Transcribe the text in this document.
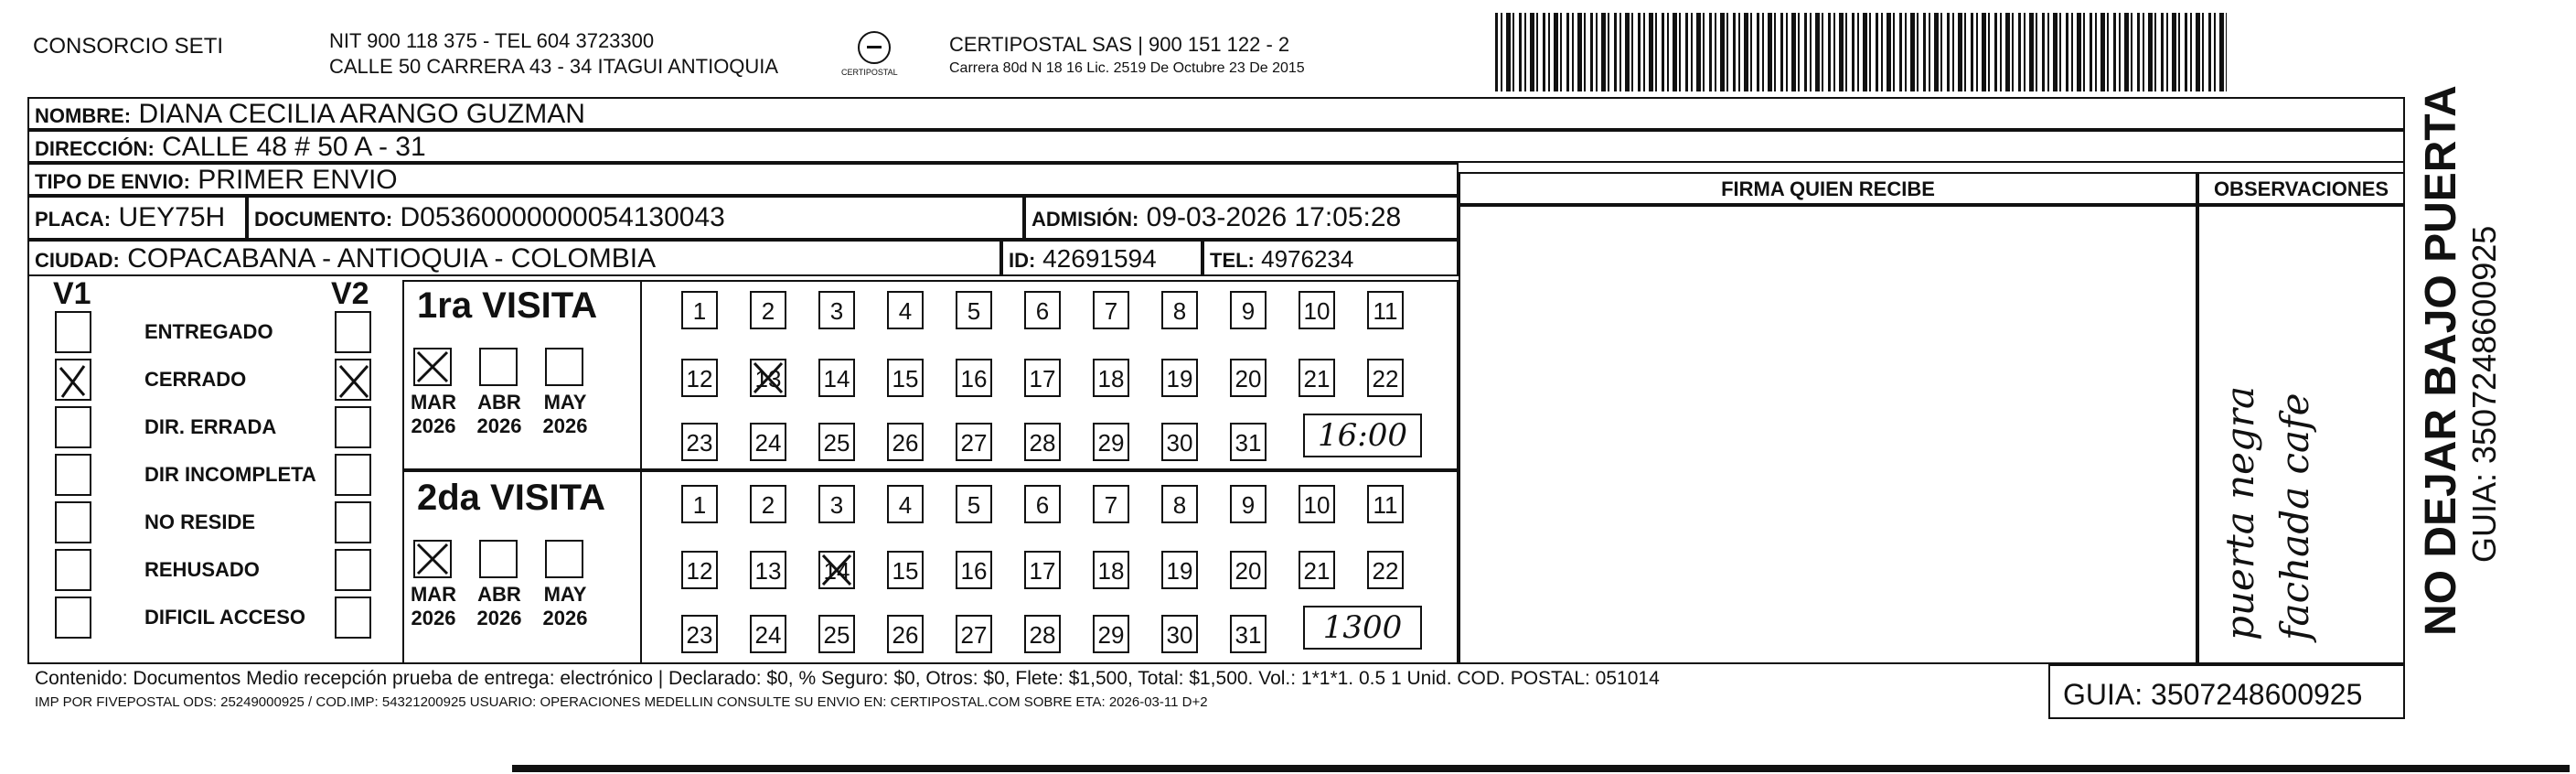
CONSORCIO SETI	NIT 900 118 375 - TEL 604 3723300
CALLE 50 CARRERA 43 - 34 ITAGUI ANTIOQUIA	CERTIPOSTAL
CERTIPOSTAL SAS | 900 151 122 - 2
Carrera 80d N 18 16 Lic. 2519 De Octubre 23 De 2015
NOMBRE: DIANA CECILIA ARANGO GUZMAN
DIRECCIÓN: CALLE 48 # 50 A - 31
TIPO DE ENVIO: PRIMER ENVIO	FIRMA QUIEN RECIBE	OBSERVACIONES
PLACA: UEY75H	DOCUMENTO: D05360000000054130043	ADMISIÓN: 09-03-2026 17:05:28
CIUDAD: COPACABANA - ANTIOQUIA - COLOMBIA	ID: 42691594	TEL: 4976234
V1	V2
ENTREGADO
CERRADO
DIR. ERRADA
DIR INCOMPLETA
NO RESIDE
REHUSADO
DIFICIL ACCESO
1ra VISITA
2da VISITA
MAR
2026
ABR
2026
MAY
2026
MAR
2026
ABR
2026
MAY
2026
1	2	3	4	5	6	7	8	9	10 11
12 13 14 15 16 17 18 19 20 21 22
23 24 25 26 27 28 29 30 31
1	2	3	4	5	6	7	8	9	10 11
12 13 14 15 16 17 18 19 20 21 22
23 24 25 26 27 28 29 30 31
16:00
1300	puerta negra fachada cafe NO DEJAR BAJO PUERTA GUIA: 3507248600925
Contenido: Documentos Medio recepción prueba de entrega: electrónico | Declarado: $0, % Seguro: $0, Otros: $0, Flete: $1,500, Total: $1,500. Vol.: 1*1*1. 0.5 1 Unid. COD. POSTAL: 051014
IMP POR FIVEPOSTAL ODS: 25249000925 / COD.IMP: 54321200925 USUARIO: OPERACIONES MEDELLIN CONSULTE SU ENVIO EN: CERTIPOSTAL.COM SOBRE ETA: 2026-03-11 D+2	GUIA: 3507248600925
